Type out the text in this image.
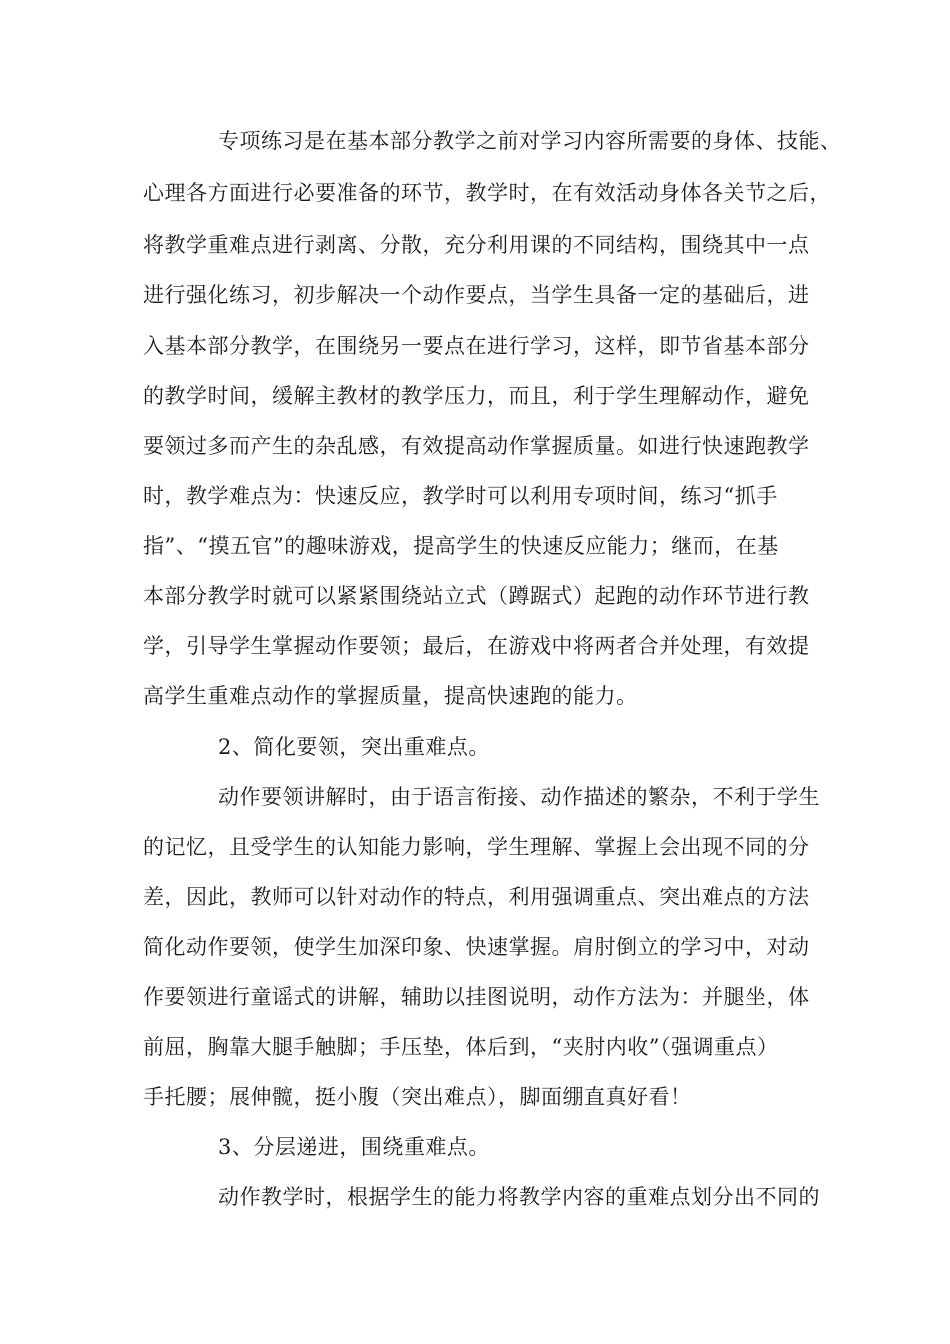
专项练习是在基本部分教学之前对学习内容所需要的身体、技能、
心理各方面进行必要准备的环节，教学时，在有效活动身体各关节之后，
将教学重难点进行剥离、分散，充分利用课的不同结构，围绕其中一点
进行强化练习，初步解决一个动作要点，当学生具备一定的基础后，进
入基本部分教学，在围绕另一要点在进行学习，这样，即节省基本部分
的教学时间，缓解主教材的教学压力，而且，利于学生理解动作，避免
要领过多而产生的杂乱感，有效提高动作掌握质量。如进行快速跑教学
时，教学难点为：快速反应，教学时可以利用专项时间，练习“抓手
指”、“摸五官”的趣味游戏，提高学生的快速反应能力；继而，在基
本部分教学时就可以紧紧围绕站立式（蹲踞式）起跑的动作环节进行教
学，引导学生掌握动作要领；最后，在游戏中将两者合并处理，有效提
高学生重难点动作的掌握质量，提高快速跑的能力。
2、简化要领，突出重难点。
动作要领讲解时，由于语言衔接、动作描述的繁杂，不利于学生
的记忆，且受学生的认知能力影响，学生理解、掌握上会出现不同的分
差，因此，教师可以针对动作的特点，利用强调重点、突出难点的方法
简化动作要领，使学生加深印象、快速掌握。肩肘倒立的学习中，对动
作要领进行童谣式的讲解，辅助以挂图说明，动作方法为：并腿坐，体
前屈，胸靠大腿手触脚；手压垫，体后到，“夹肘内收”（强调重点）
手托腰；展伸髋，挺小腹（突出难点），脚面绷直真好看！
3、分层递进，围绕重难点。
动作教学时，根据学生的能力将教学内容的重难点划分出不同的
